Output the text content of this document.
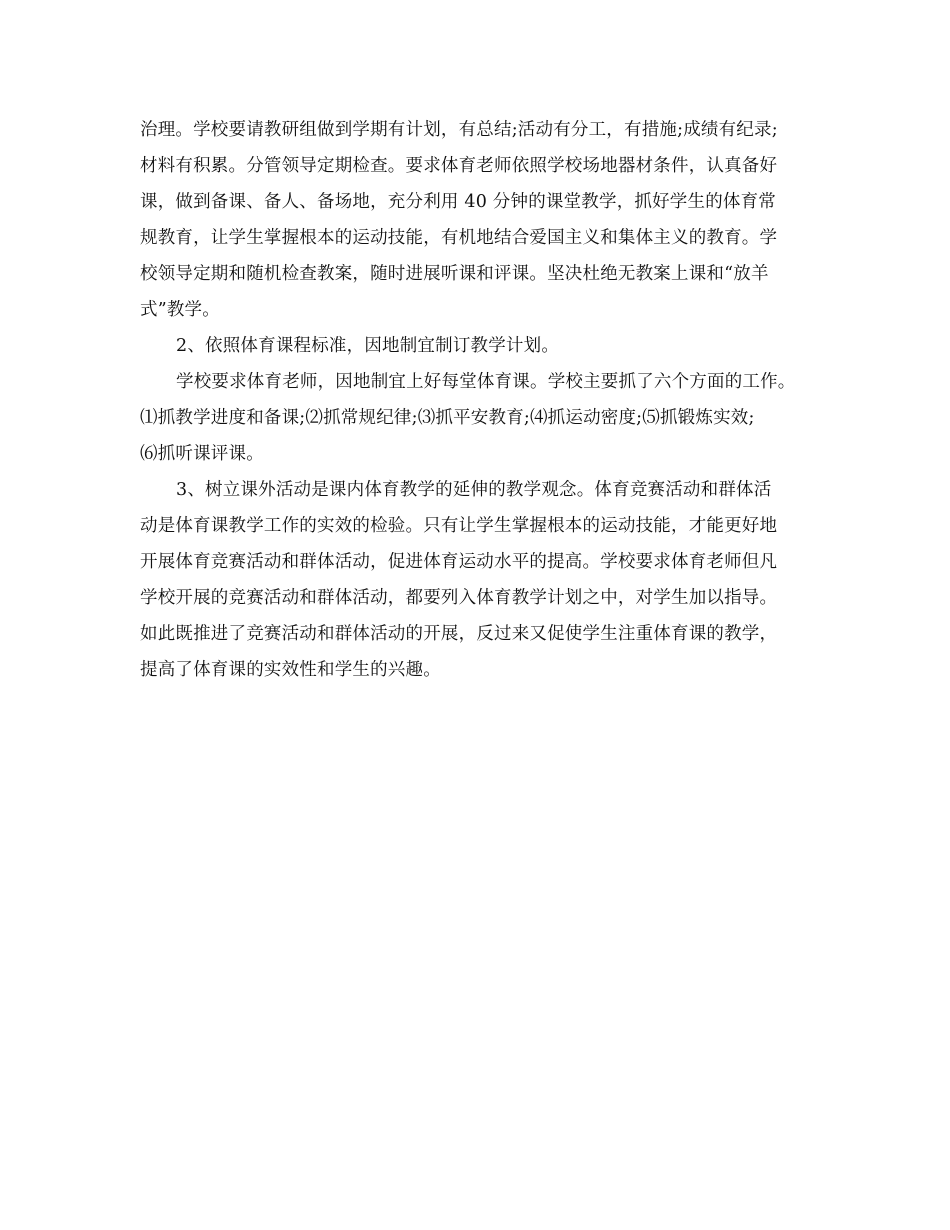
治理。学校要请教研组做到学期有计划，有总结;活动有分工，有措施;成绩有纪录;
材料有积累。分管领导定期检查。要求体育老师依照学校场地器材条件，认真备好
课，做到备课、备人、备场地，充分利用 40 分钟的课堂教学，抓好学生的体育常
规教育，让学生掌握根本的运动技能，有机地结合爱国主义和集体主义的教育。学
校领导定期和随机检查教案，随时进展听课和评课。坚决杜绝无教案上课和“放羊
式”教学。
2、依照体育课程标准，因地制宜制订教学计划。
学校要求体育老师，因地制宜上好每堂体育课。学校主要抓了六个方面的工作。
⑴抓教学进度和备课;⑵抓常规纪律;⑶抓平安教育;⑷抓运动密度;⑸抓锻炼实效;
⑹抓听课评课。
3、树立课外活动是课内体育教学的延伸的教学观念。体育竞赛活动和群体活
动是体育课教学工作的实效的检验。只有让学生掌握根本的运动技能，才能更好地
开展体育竞赛活动和群体活动，促进体育运动水平的提高。学校要求体育老师但凡
学校开展的竞赛活动和群体活动，都要列入体育教学计划之中，对学生加以指导。
如此既推进了竞赛活动和群体活动的开展，反过来又促使学生注重体育课的教学，
提高了体育课的实效性和学生的兴趣。
